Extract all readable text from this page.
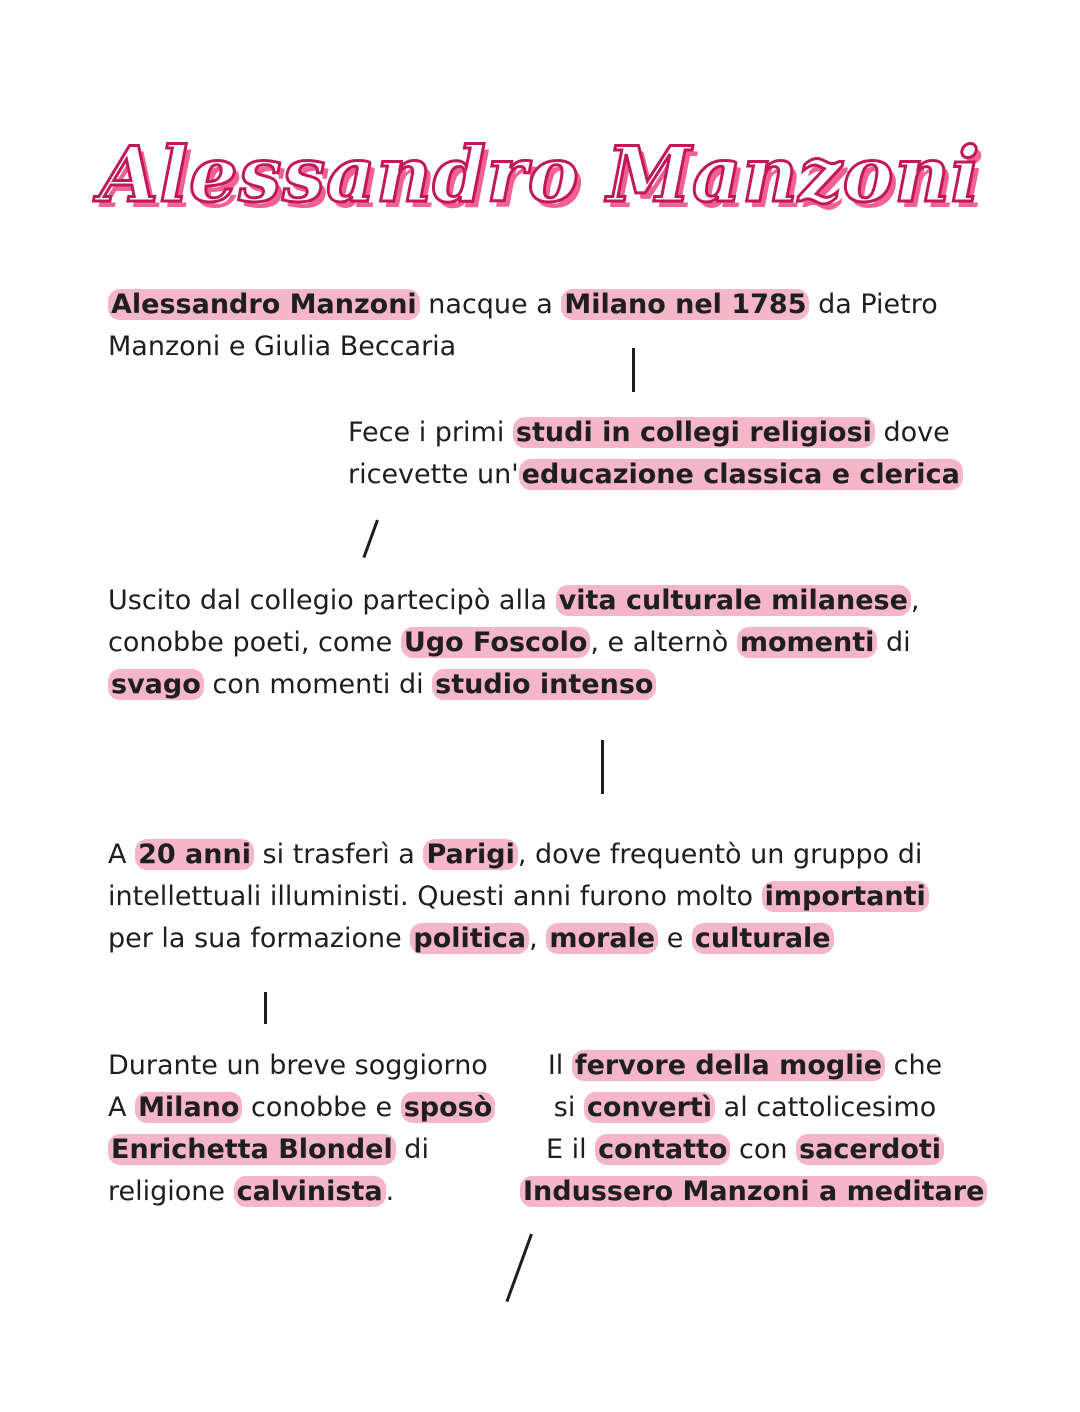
Alessandro Manzoni
Alessandro Manzoni nacque a Milano nel 1785 da Pietro
Manzoni e Giulia Beccaria
Fece i primi studi in collegi religiosi dove
ricevette un' educazione classica e clerica
Uscito dal collegio partecipò alla vita culturale milanese ,
conobbe poeti, come Ugo Foscolo , e alternò momenti di
svago con momenti di studio intenso
A 20 anni si trasferì a Parigi , dove frequentò un gruppo di
intellettuali illuministi. Questi anni furono molto importanti
per la sua formazione politica , morale e culturale
Durante un breve soggiorno
A Milano conobbe e sposò
Enrichetta Blondel di
religione calvinista .
Il fervore della moglie che
si convertì al cattolicesimo
E il contatto con sacerdoti
Indussero Manzoni a meditare
